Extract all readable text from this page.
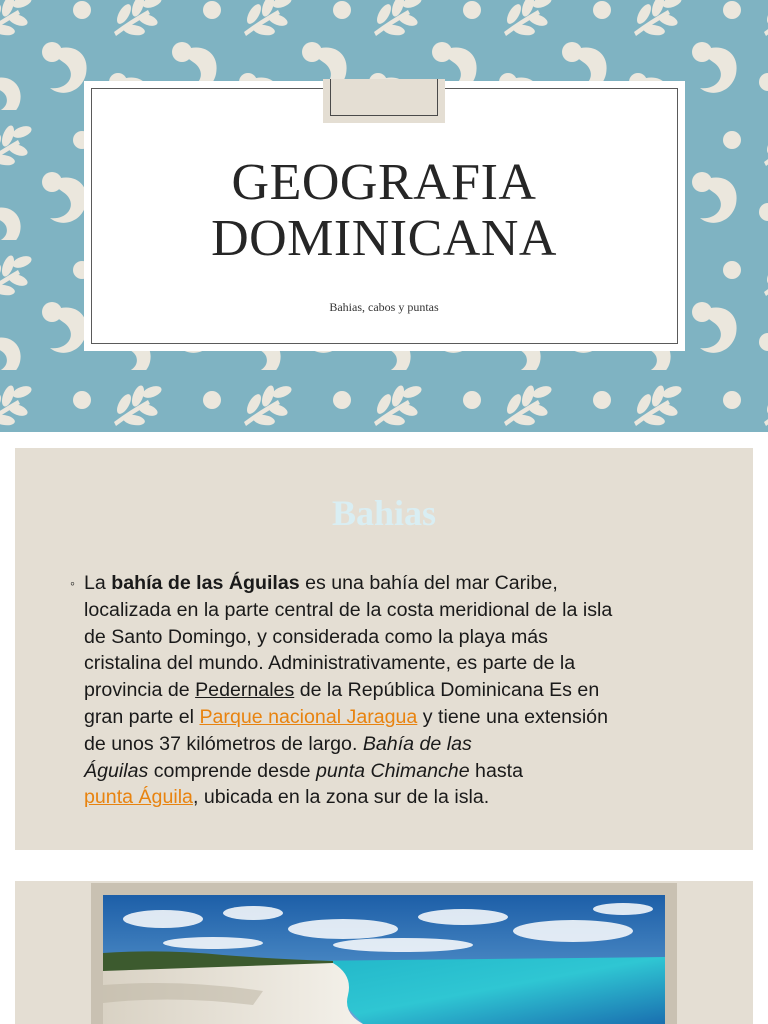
GEOGRAFIA
DOMINICANA
Bahias, cabos y puntas
Bahias
◦ La bahía de las Águilas es una bahía del mar Caribe,
localizada en la parte central de la costa meridional de la isla
de Santo Domingo, y considerada como la playa más
cristalina del mundo. Administrativamente, es parte de la
provincia de Pedernales de la República Dominicana Es en
gran parte el Parque nacional Jaragua y tiene una extensión
de unos 37 kilómetros de largo. Bahía de las
Águilas comprende desde punta Chimanche hasta
punta Águila, ubicada en la zona sur de la isla.
